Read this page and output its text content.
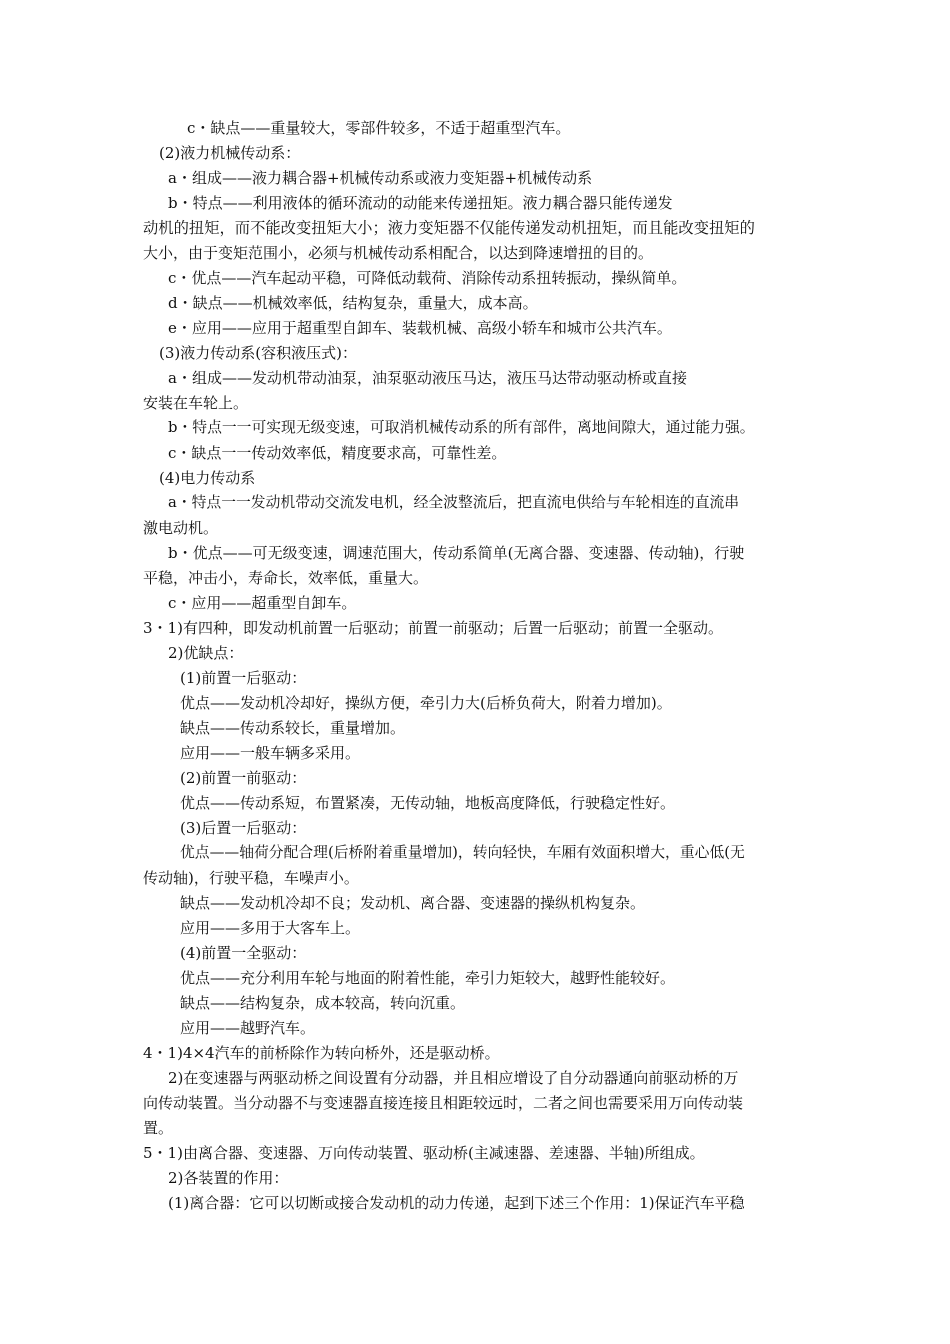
c・缺点——重量较大，零部件较多，不适于超重型汽车。
(2)液力机械传动系：
a・组成——液力耦合器+机械传动系或液力变矩器+机械传动系
b・特点——利用液体的循环流动的动能来传递扭矩。液力耦合器只能传递发
动机的扭矩，而不能改变扭矩大小；液力变矩器不仅能传递发动机扭矩，而且能改变扭矩的
大小，由于变矩范围小，必须与机械传动系相配合，以达到降速增扭的目的。
c・优点——汽车起动平稳，可降低动载荷、消除传动系扭转振动，操纵简单。
d・缺点——机械效率低，结构复杂，重量大，成本高。
e・应用——应用于超重型自卸车、装载机械、高级小轿车和城市公共汽车。
(3)液力传动系(容积液压式)：
a・组成——发动机带动油泵，油泵驱动液压马达，液压马达带动驱动桥或直接
安装在车轮上。
b・特点一一可实现无级变速，可取消机械传动系的所有部件，离地间隙大，通过能力强。
c・缺点一一传动效率低，精度要求高，可靠性差。
(4)电力传动系
a・特点一一发动机带动交流发电机，经全波整流后，把直流电供给与车轮相连的直流串
激电动机。
b・优点——可无级变速，调速范围大，传动系简单(无离合器、变速器、传动轴)，行驶
平稳，冲击小，寿命长，效率低，重量大。
c・应用——超重型自卸车。
3・1)有四种，即发动机前置一后驱动；前置一前驱动；后置一后驱动；前置一全驱动。
2)优缺点：
(1)前置一后驱动：
优点——发动机冷却好，操纵方便，牵引力大(后桥负荷大，附着力增加)。
缺点——传动系较长，重量增加。
应用——一般车辆多采用。
(2)前置一前驱动：
优点——传动系短，布置紧凑，无传动轴，地板高度降低，行驶稳定性好。
(3)后置一后驱动：
优点——轴荷分配合理(后桥附着重量增加)，转向轻快，车厢有效面积增大，重心低(无
传动轴)，行驶平稳，车噪声小。
缺点——发动机冷却不良；发动机、离合器、变速器的操纵机构复杂。
应用——多用于大客车上。
(4)前置一全驱动：
优点——充分利用车轮与地面的附着性能，牵引力矩较大，越野性能较好。
缺点——结构复杂，成本较高，转向沉重。
应用——越野汽车。
4・1)4×4汽车的前桥除作为转向桥外，还是驱动桥。
2)在变速器与两驱动桥之间设置有分动器，并且相应增设了自分动器通向前驱动桥的万
向传动装置。当分动器不与变速器直接连接且相距较远时，二者之间也需要采用万向传动装
置。
5・1)由离合器、变速器、万向传动装置、驱动桥(主减速器、差速器、半轴)所组成。
2)各装置的作用：
(1)离合器：它可以切断或接合发动机的动力传递，起到下述三个作用：1)保证汽车平稳
